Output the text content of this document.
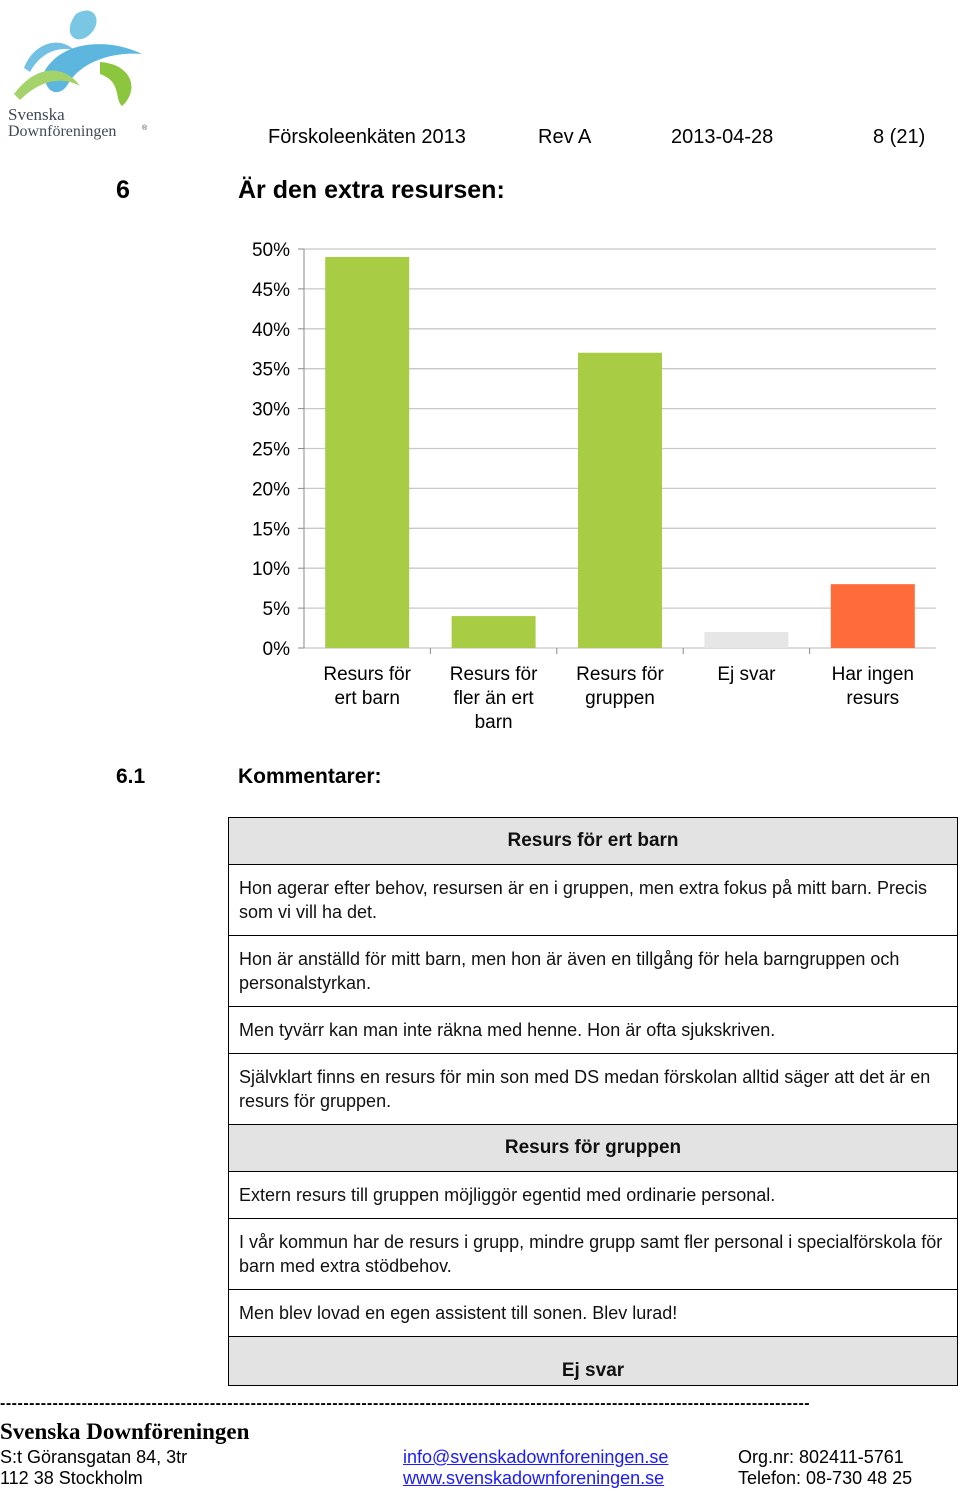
Svenska
Downföreningen	®	Förskoleenkäten 2013	Rev A	2013-04-28	8 (21)
6	Är den extra resursen:
0%
5%
10%
15%
20%
25%
30%
35%
40%
45%
50%
Resurs för
ert barn
Resurs för
fler än ert
barn
Resurs för
gruppen
Ej svar	Har ingen
resurs
6.1	Kommentarer:
Resurs för ert barn
Hon agerar efter behov, resursen är en i gruppen, men extra fokus på mitt barn. Precis som vi vill ha det.
Hon är anställd för mitt barn, men hon är även en tillgång för hela barngruppen och personalstyrkan.
Men tyvärr kan man inte räkna med henne. Hon är ofta sjukskriven.
Självklart finns en resurs för min son med DS medan förskolan alltid säger att det är en resurs för gruppen.
Resurs för gruppen
Extern resurs till gruppen möjliggör egentid med ordinarie personal.
I vår kommun har de resurs i grupp, mindre grupp samt fler personal i specialförskola för barn med extra stödbehov.
Men blev lovad en egen assistent till sonen. Blev lurad!
Ej svar
-------------------------------------------------------------------------------------------------------------------------------------------
Svenska Downföreningen
S:t Göransgatan 84, 3tr
112 38 Stockholm
info@svenskadownforeningen.se
www.svenskadownforeningen.se
Org.nr: 802411-5761
Telefon: 08-730 48 25
